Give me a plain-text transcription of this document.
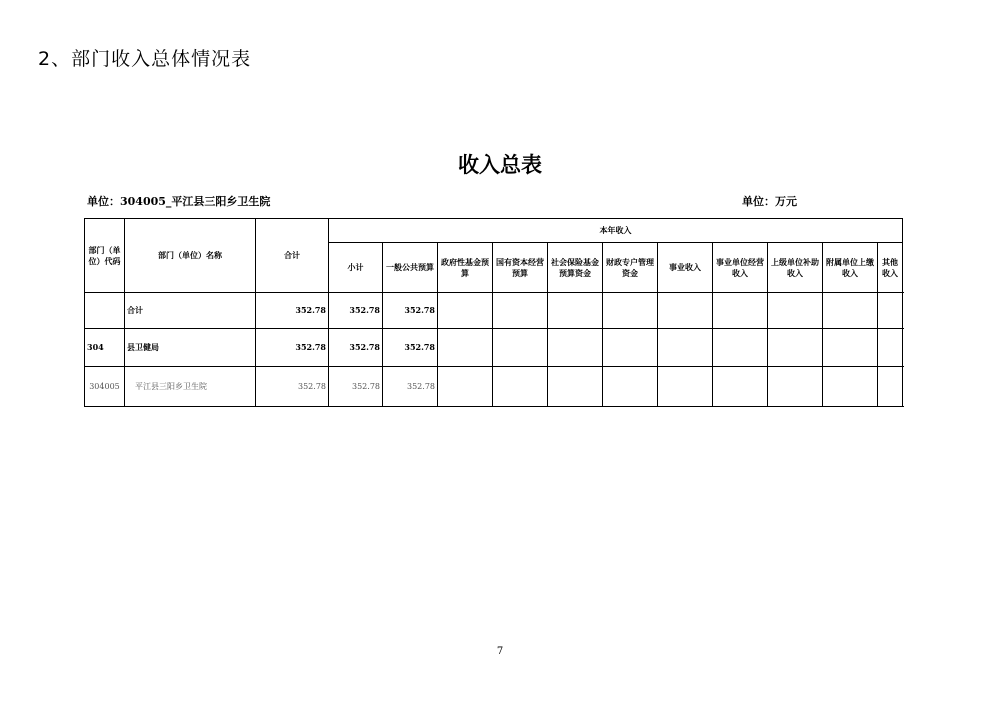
2、部门收入总体情况表
收入总表
单位：304005_平江县三阳乡卫生院	单位：万元
部门（单位）代码	部门（单位）名称	合计	本年收入										
			小计	一般公共预算	政府性基金预算	国有资本经营预算	社会保险基金预算资金	财政专户管理资金	事业收入	事业单位经营收入	上级单位补助收入	附属单位上缴收入	其他收入
	合计	352.78	352.78	352.78									
304	县卫健局	352.78	352.78	352.78									
304005	平江县三阳乡卫生院	352.78	352.78	352.78									
7
